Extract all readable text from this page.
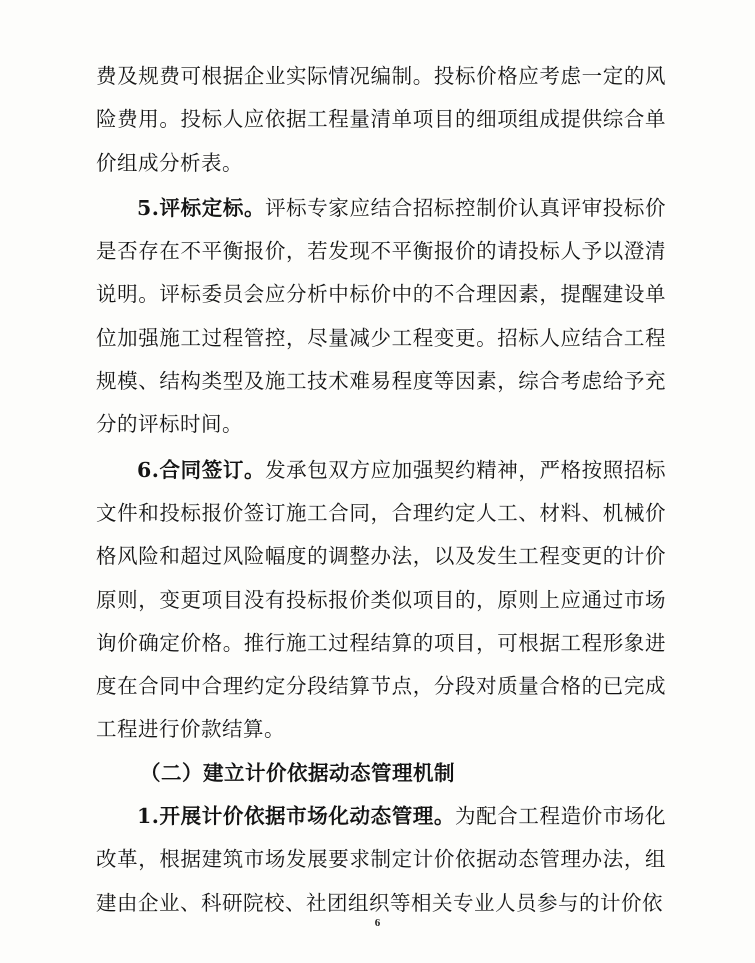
费及规费可根据企业实际情况编制。投标价格应考虑一定的风险费用。投标人应依据工程量清单项目的细项组成提供综合单价组成分析表。

5.评标定标。评标专家应结合招标控制价认真评审投标价是否存在不平衡报价，若发现不平衡报价的请投标人予以澄清说明。评标委员会应分析中标价中的不合理因素，提醒建设单位加强施工过程管控，尽量减少工程变更。招标人应结合工程规模、结构类型及施工技术难易程度等因素，综合考虑给予充分的评标时间。

6.合同签订。发承包双方应加强契约精神，严格按照招标文件和投标报价签订施工合同，合理约定人工、材料、机械价格风险和超过风险幅度的调整办法，以及发生工程变更的计价原则，变更项目没有投标报价类似项目的，原则上应通过市场询价确定价格。推行施工过程结算的项目，可根据工程形象进度在合同中合理约定分段结算节点，分段对质量合格的已完成工程进行价款结算。

（二）建立计价依据动态管理机制

1.开展计价依据市场化动态管理。为配合工程造价市场化改革，根据建筑市场发展要求制定计价依据动态管理办法，组建由企业、科研院校、社团组织等相关专业人员参与的计价依

6
